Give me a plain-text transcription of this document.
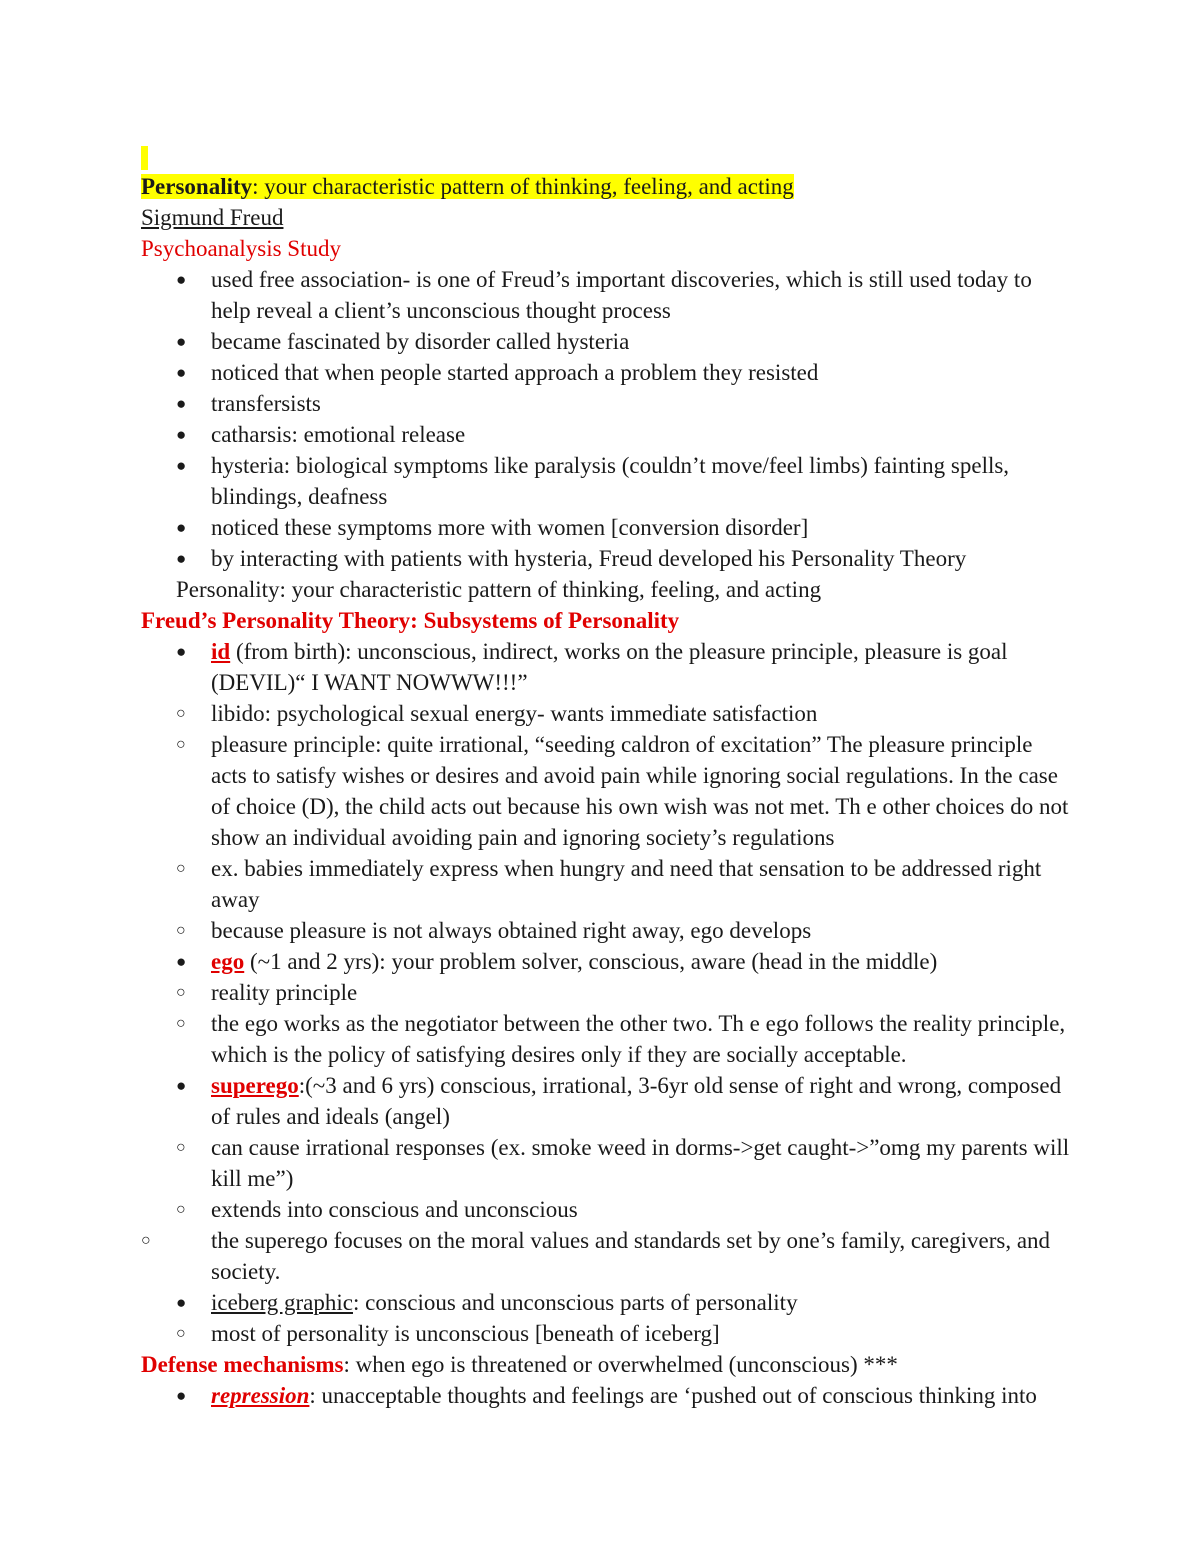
Personality: your characteristic pattern of thinking, feeling, and acting

Sigmund Freud

Psychoanalysis Study

●	used free association- is one of Freud’s important discoveries, which is still used today to help reveal a client’s unconscious thought process
●	became fascinated by disorder called hysteria
●	noticed that when people started approach a problem they resisted
●	transfersists
●	catharsis: emotional release
●	hysteria: biological symptoms like paralysis (couldn’t move/feel limbs) fainting spells, blindings, deafness
●	noticed these symptoms more with women [conversion disorder]
●	by interacting with patients with hysteria, Freud developed his Personality Theory

Personality: your characteristic pattern of thinking, feeling, and acting

Freud’s Personality Theory: Subsystems of Personality

●	id (from birth): unconscious, indirect, works on the pleasure principle, pleasure is goal (DEVIL)“ I WANT NOWWW!!!”
○	libido: psychological sexual energy- wants immediate satisfaction
○	pleasure principle: quite irrational, “seeding caldron of excitation” The pleasure principle acts to satisfy wishes or desires and avoid pain while ignoring social regulations. In the case of choice (D), the child acts out because his own wish was not met. Th e other choices do not show an individual avoiding pain and ignoring society’s regulations
○	ex. babies immediately express when hungry and need that sensation to be addressed right away
○	because pleasure is not always obtained right away, ego develops
●	ego (~1 and 2 yrs): your problem solver, conscious, aware (head in the middle)
○	reality principle
○	the ego works as the negotiator between the other two. Th e ego follows the reality principle, which is the policy of satisfying desires only if they are socially acceptable.
●	superego:(~3 and 6 yrs) conscious, irrational, 3-6yr old sense of right and wrong, composed of rules and ideals (angel)
○	can cause irrational responses (ex. smoke weed in dorms->get caught->”omg my parents will kill me”)
○	extends into conscious and unconscious
○	the superego focuses on the moral values and standards set by one’s family, caregivers, and society.
●	iceberg graphic: conscious and unconscious parts of personality
○	most of personality is unconscious [beneath of iceberg]

Defense mechanisms: when ego is threatened or overwhelmed (unconscious) ***

●	repression: unacceptable thoughts and feelings are ‘pushed out of conscious thinking into
